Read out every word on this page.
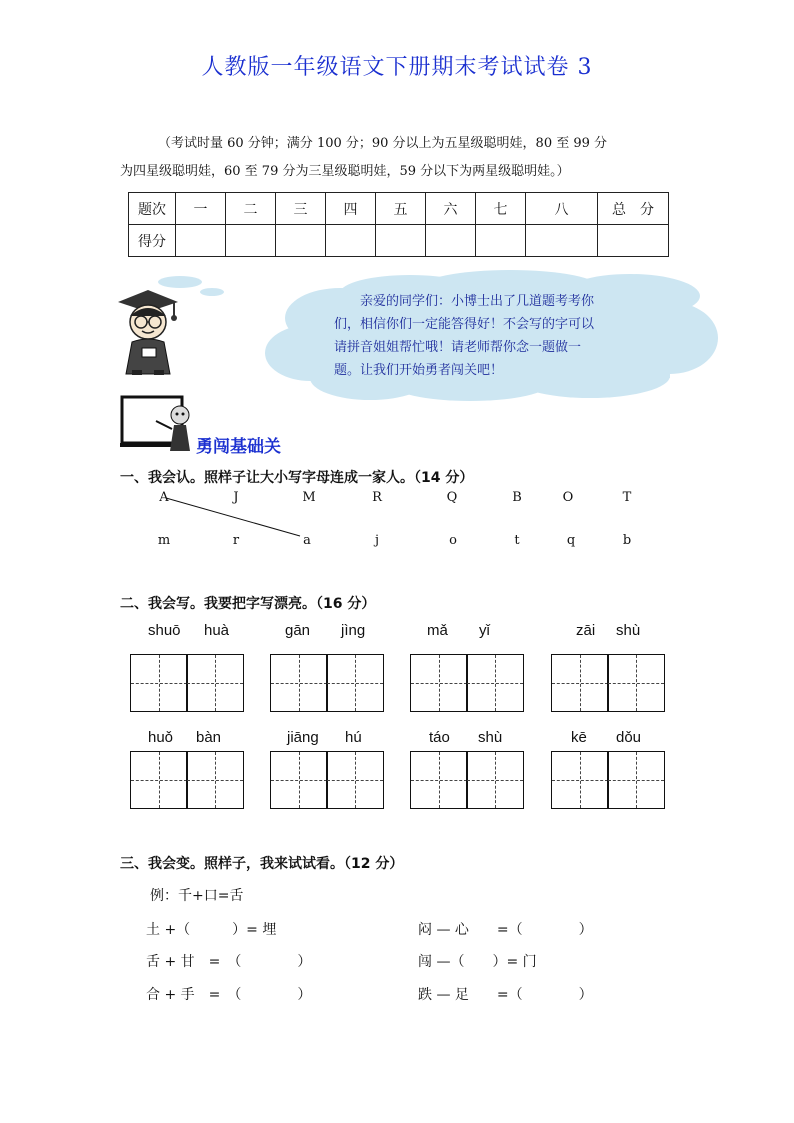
人教版一年级语文下册期末考试试卷 3
（考试时量 60 分钟；满分 100 分；90 分以上为五星级聪明娃，80 至 99 分
为四星级聪明娃，60 至 79 分为三星级聪明娃，59 分以下为两星级聪明娃。）
题次	一	二	三	四	五	六	七	八	总　分
得分									
亲爱的同学们：小博士出了几道题考考你
们，相信你们一定能答得好！不会写的字可以
请拼音姐姐帮忙哦！请老师帮你念一题做一
题。让我们开始勇者闯关吧！
勇闯基础关
一、我会认。照样子让大小写字母连成一家人。（14 分）
A	J	M	R	Q	B	O	T
m	r	a	j	o	t	q	b
二、我会写。我要把字写漂亮。（16 分）
shuō huà	gān jìng	mǎ yǐ	zāi shù
huǒ bàn	jiāng hú	táo shù	kē dǒu
三、我会变。照样子，我来试试看。（12 分）
例：千+口=舌
土 +（　　　）= 埋
舌 + 甘　=　（　　　　）
合 + 手　=　（　　　　）
闷 — 心　　=（　　　　）
闯 —（　　）= 门
跌 — 足　　=（　　　　）
